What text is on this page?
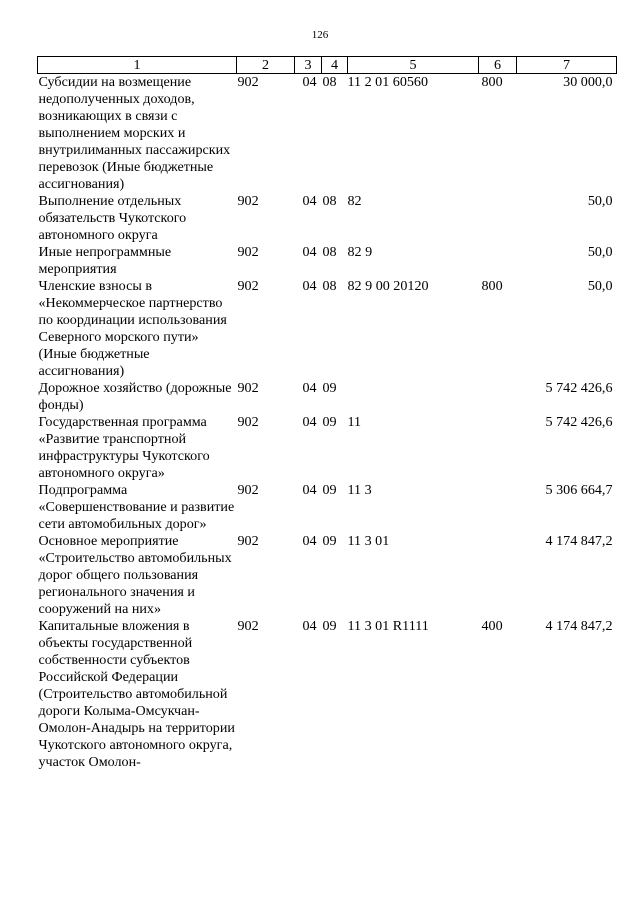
126
1	2	3	4	5	6	7
Субсидии на возмещение недополученных доходов, возникающих в связи с выполнением морских и внутрилиманных пассажирских перевозок (Иные бюджетные ассигнования)	902	04	08	11 2 01 60560	800	30 000,0
Выполнение отдельных обязательств Чукотского автономного округа	902	04	08	82		50,0
Иные непрограммные мероприятия	902	04	08	82 9		50,0
Членские взносы в «Некоммерческое партнерство по координации использования Северного морского пути» (Иные бюджетные ассигнования)	902	04	08	82 9 00 20120	800	50,0
Дорожное хозяйство (дорожные фонды)	902	04	09			5 742 426,6
Государственная программа «Развитие транспортной инфраструктуры Чукотского автономного округа»	902	04	09	11		5 742 426,6
Подпрограмма «Совершенствование и развитие сети автомобильных дорог»	902	04	09	11 3		5 306 664,7
Основное мероприятие «Строительство автомобильных дорог общего пользования регионального значения и сооружений на них»	902	04	09	11 3 01		4 174 847,2
Капитальные вложения в объекты государственной собственности субъектов Российской Федерации (Строительство автомобильной дороги Колыма-Омсукчан-Омолон-Анадырь на территории Чукотского автономного округа, участок Омолон-	902	04	09	11 3 01 R1111	400	4 174 847,2
